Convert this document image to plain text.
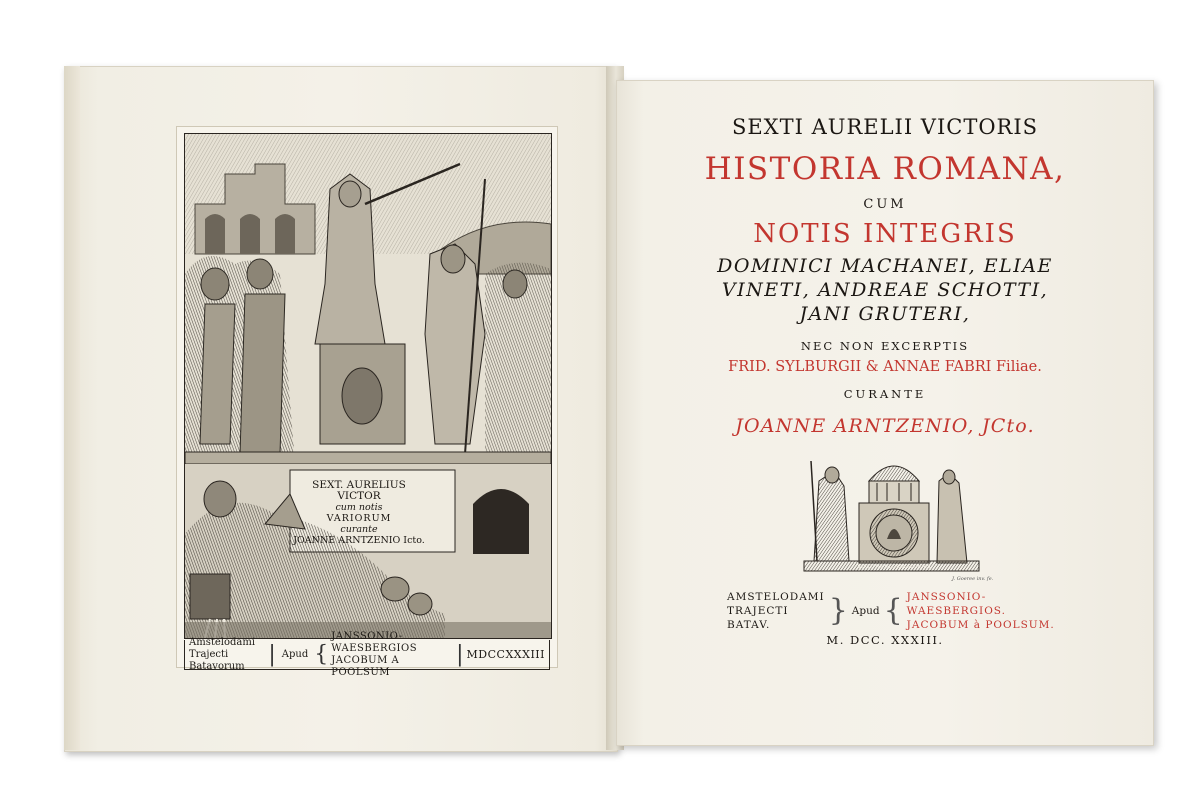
SEXT. AURELIUS VICTOR
cum notis
VARIORUM
curante
JOANNE ARNTZENIO Icto.
Amstelodami
Trajecti Batavorum	| Apud {
JANSSONIO-WAESBERGIOS
JACOBUM A POOLSUM
| MDCCXXXIII
SEXTI AURELII VICTORIS
HISTORIA ROMANA,
CUM
NOTIS INTEGRIS
DOMINICI MACHANEI, ELIAE
VINETI, ANDREAE SCHOTTI,
JANI GRUTERI,
NEC NON EXCERPTIS
FRID. SYLBURGII & ANNAE FABRI Filiae.
CURANTE
JOANNE ARNTZENIO, JCto.
VIRTUTIS GLORIA MERCES
J. Goeree inv. fe.
AMSTELODAMI
TRAJECTI BATAV.	} Apud { JANSSONIO-WAESBERGIOS.
JACOBUM à POOLSUM.
M. DCC. XXXIII.
